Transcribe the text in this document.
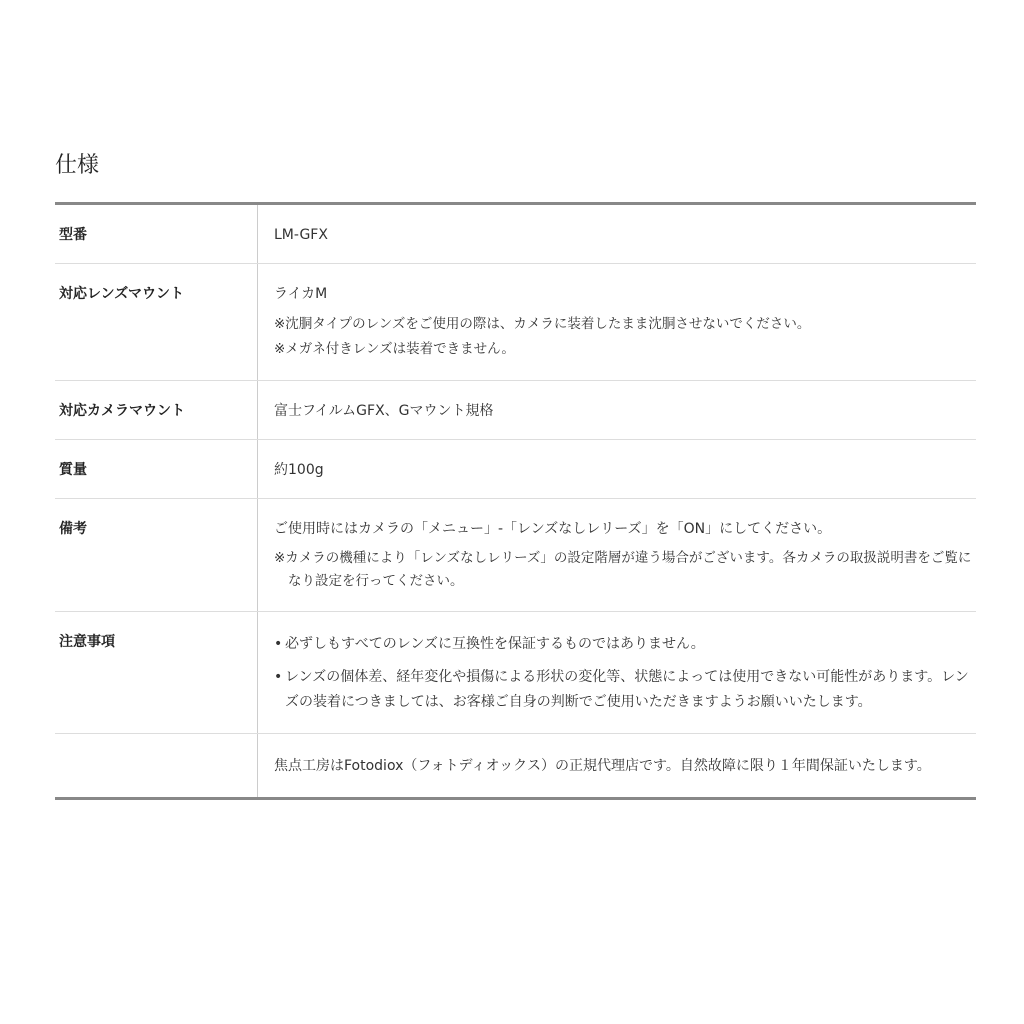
仕様
型番	LM-GFX

対応レンズマウント	ライカM
※沈胴タイプのレンズをご使用の際は、カメラに装着したまま沈胴させないでください。
※メガネ付きレンズは装着できません。

対応カメラマウント	富士フイルムGFX、Gマウント規格

質量	約100g

備考	ご使用時にはカメラの「メニュー」-「レンズなしレリーズ」を「ON」にしてください。
※カメラの機種により「レンズなしレリーズ」の設定階層が違う場合がございます。各カメラの取扱説明書をご覧になり設定を行ってください。

注意事項	• 必ずしもすべてのレンズに互換性を保証するものではありません。
• レンズの個体差、経年変化や損傷による形状の変化等、状態によっては使用できない可能性があります。レンズの装着につきましては、お客様ご自身の判断でご使用いただきますようお願いいたします。

	焦点工房はFotodiox（フォトディオックス）の正規代理店です。自然故障に限り１年間保証いたします。
